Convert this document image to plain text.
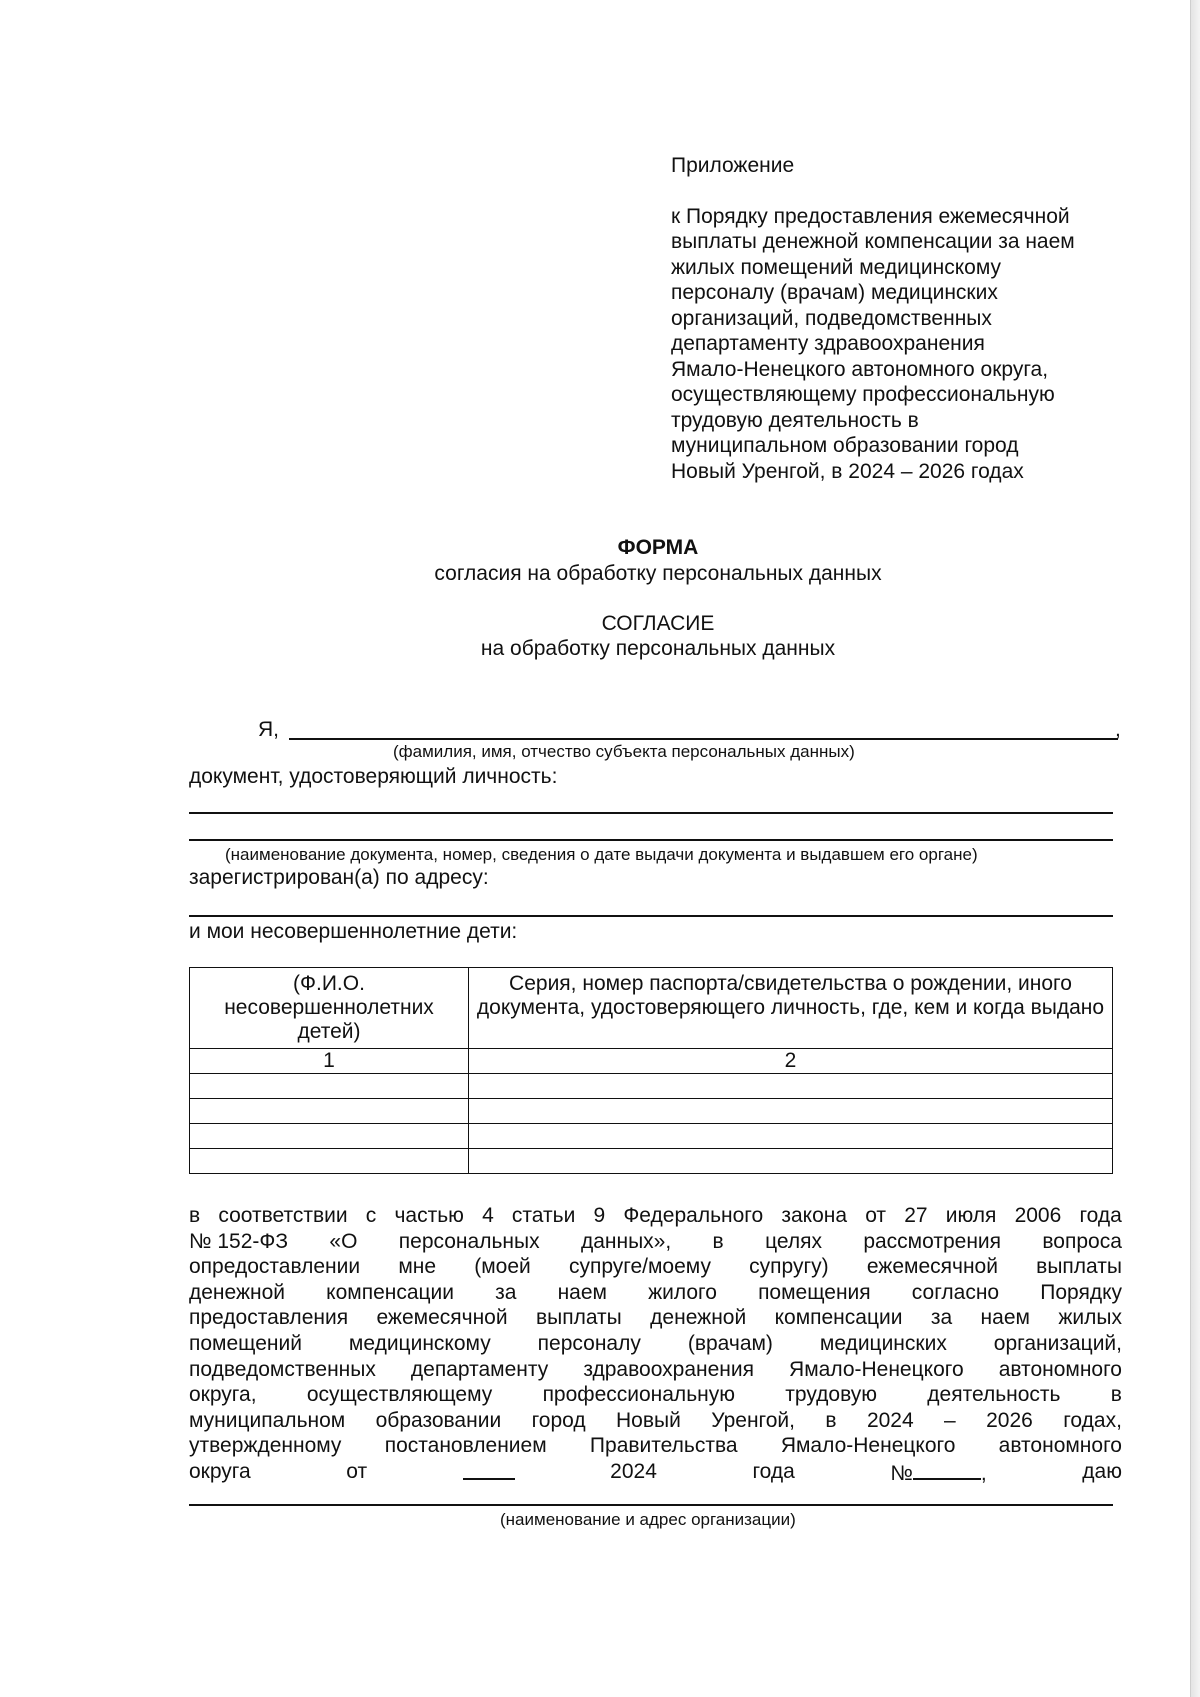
Приложение
к Порядку предоставления ежемесячной
выплаты денежной компенсации за наем
жилых помещений медицинскому
персоналу (врачам) медицинских
организаций, подведомственных
департаменту здравоохранения
Ямало-Ненецкого автономного округа,
осуществляющему профессиональную
трудовую деятельность в
муниципальном образовании город
Новый Уренгой, в 2024 – 2026 годах
ФОРМА
согласия на обработку персональных данных
СОГЛАСИЕ
на обработку персональных данных
Я,	,
(фамилия, имя, отчество субъекта персональных данных)
документ, удостоверяющий личность:
(наименование документа, номер, сведения о дате выдачи документа и выдавшем его органе)
зарегистрирован(а) по адресу:
и мои несовершеннолетние дети:
(Ф.И.О. несовершеннолетних детей)	Серия, номер паспорта/свидетельства о рождении, иного документа, удостоверяющего личность, где, кем и когда выдано
1	2

в соответствии с частью 4 статьи 9 Федерального закона от 27 июля 2006 года
№ 152-ФЗ «О персональных данных», в целях рассмотрения вопроса
опредоставлении мне (моей супруге/моему супругу) ежемесячной выплаты
денежной компенсации за наем жилого помещения согласно Порядку
предоставления ежемесячной выплаты денежной компенсации за наем жилых
помещений медицинскому персоналу (врачам) медицинских организаций,
подведомственных департаменту здравоохранения Ямало-Ненецкого автономного
округа, осуществляющему профессиональную трудовую деятельность в
муниципальном образовании город Новый Уренгой, в 2024 – 2026 годах,
утвержденному постановлением Правительства Ямало-Ненецкого автономного
округа	от	2024	года	№	,	даю
(наименование и адрес организации)
